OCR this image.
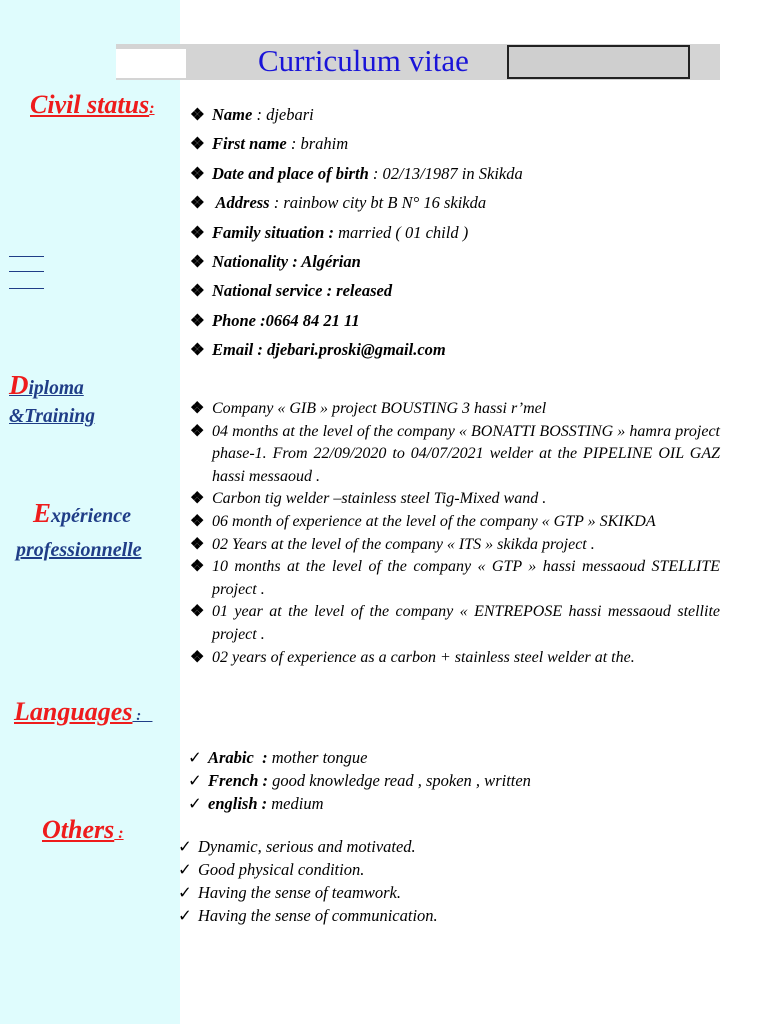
Curriculum vitae
Civil status:
Diploma
&Training
Expérience
professionnelle
Languages :
Others :
❖ Name : djebari
❖ First name : brahim
❖ Date and place of birth : 02/13/1987 in Skikda
❖ Address : rainbow city bt B N° 16 skikda
❖ Family situation : married ( 01 child )
❖ Nationality : Algérian
❖ National service : released
❖ Phone :0664 84 21 11
❖ Email : djebari.proski@gmail.com
❖ Company « GIB » project BOUSTING 3 hassi r’mel
❖ 04 months at the level of the company « BONATTI BOSSTING » hamra project phase-1. From 22/09/2020 to 04/07/2021 welder at the PIPELINE OIL GAZ hassi messaoud .
❖ Carbon tig welder –stainless steel Tig-Mixed wand .
❖ 06 month of experience at the level of the company « GTP » SKIKDA
❖ 02 Years at the level of the company « ITS » skikda project .
❖ 10 months at the level of the company « GTP » hassi messaoud STELLITE project .
❖ 01 year at the level of the company « ENTREPOSE hassi messaoud stellite project .
❖ 02 years of experience as a carbon + stainless steel welder at the.
✓ Arabic  : mother tongue
✓ French : good knowledge read , spoken , written
✓ english : medium
✓ Dynamic, serious and motivated.
✓ Good physical condition.
✓ Having the sense of teamwork.
✓ Having the sense of communication.
